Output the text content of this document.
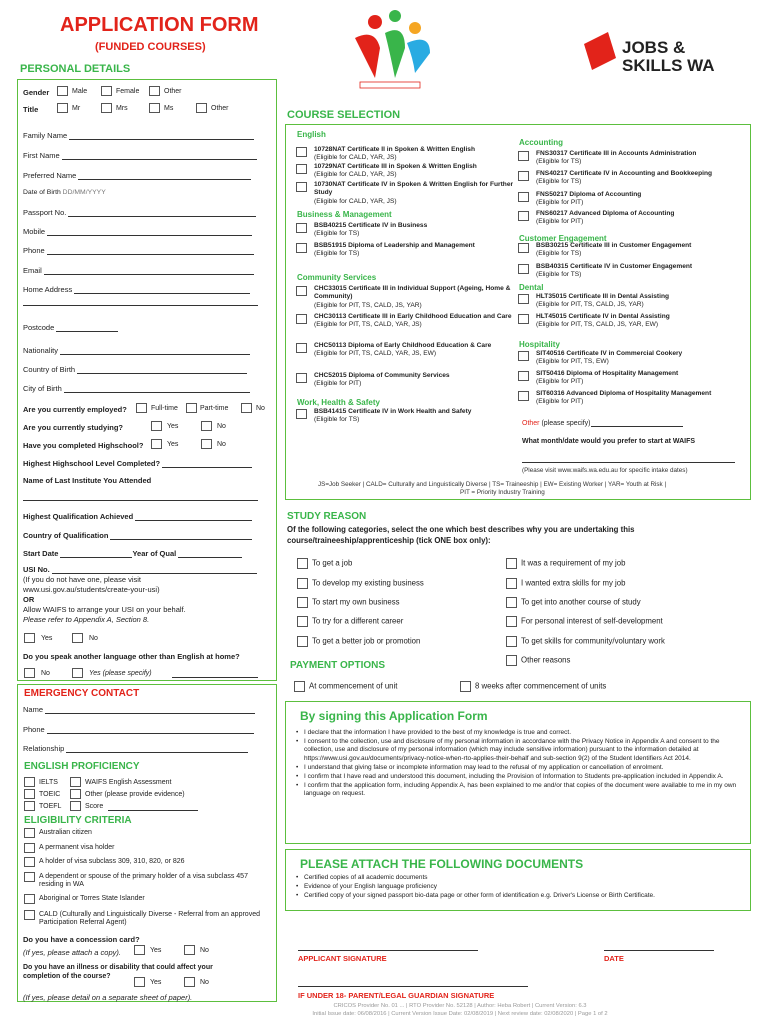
APPLICATION FORM
(FUNDED COURSES)	JOBS &
SKILLS WA
PERSONAL DETAILS
Gender	Male	Female	Other
Title	Mr	Mrs	Ms	Other
Family Name
First Name
Preferred Name
Date of Birth DD/MM/YYYY
Passport No.
Mobile
Phone
Email
Home Address
Postcode
Nationality
Country of Birth
City of Birth
Are you currently employed?	Full-time	Part-time	No
Are you currently studying?	Yes	No
Have you completed Highschool?	Yes	No
Highest Highschool Level Completed?
Name of Last Institute You Attended
Highest Qualification Achieved
Country of Qualification
Start Date	Year of Qual
USI No.
(If you do not have one, please visit
www.usi.gov.au/students/create-your-usi)
OR
Allow WAIFS to arrange your USI on your behalf.
Please refer to Appendix A, Section 8.
Yes	No
Do you speak another language other than English at home?
No	Yes (please specify)
EMERGENCY CONTACT
Name
Phone
Relationship
ENGLISH PROFICIENCY
IELTS
TOEIC
TOEFL
WAIFS English Assessment
Other (please provide evidence)
Score
ELIGIBILITY CRITERIA
Australian citizen
A permanent visa holder
A holder of visa subclass 309, 310, 820, or 826
A dependent or spouse of the primary holder of a visa subclass 457 residing in WA
Aboriginal or Torres State Islander
CALD (Culturally and Linguistically Diverse - Referral from an approved Participation Referral Agent)
Do you have a concession card?
(If yes, please attach a copy).	Yes	No
Do you have an illness or disability that could affect your completion of the course?
Yes	No
(If yes, please detail on a separate sheet of paper).
COURSE SELECTION
English
10728NAT Certificate II in Spoken & Written English
(Eligible for CALD, YAR, JS)
10729NAT Certificate III in Spoken & Written English
(Eligible for CALD, YAR, JS)
10730NAT Certificate IV in Spoken & Written English for Further Study
(Eligible for CALD, YAR, JS)
Business & Management
BSB40215 Certificate IV in Business
(Eligible for TS)
BSB51915 Diploma of Leadership and Management
(Eligible for TS)
Community Services
CHC33015 Certificate III in Individual Support (Ageing, Home & Community)
(Eligible for PIT, TS, CALD, JS, YAR)
CHC30113 Certificate III in Early Childhood Education and Care
(Eligible for PIT, TS, CALD, YAR, JS)
CHC50113 Diploma of Early Childhood Education & Care
(Eligible for PIT, TS, CALD, YAR, JS, EW)
CHC52015 Diploma of Community Services
(Eligible for PIT)
Work, Health & Safety
BSB41415 Certificate IV in Work Health and Safety
(Eligible for TS)
Accounting
FNS30317 Certificate III in Accounts Administration
(Eligible for TS)
FNS40217 Certificate IV in Accounting and Bookkeeping
(Eligible for TS)
FNS50217 Diploma of Accounting
(Eligible for PIT)
FNS60217 Advanced Diploma of Accounting
(Eligible for PIT)
Customer Engagement
BSB30215 Certificate III in Customer Engagement
(Eligible for TS)
BSB40315 Certificate IV in Customer Engagement
(Eligible for TS)
Dental
HLT35015 Certificate III in Dental Assisting
(Eligible for PIT, TS, CALD, JS, YAR)
HLT45015 Certificate IV in Dental Assisting
(Eligible for PIT, TS, CALD, JS, YAR, EW)
Hospitality
SIT40516 Certificate IV in Commercial Cookery
(Eligible for PIT, TS, EW)
SIT50416 Diploma of Hospitality Management
(Eligible for PIT)
SIT60316 Advanced Diploma of Hospitality Management
(Eligible for PIT)
Other (please specify)
What month/date would you prefer to start at WAIFS
(Please visit www.waifs.wa.edu.au for specific intake dates)
JS=Job Seeker | CALD= Culturally and Linguistically Diverse | TS= Traineeship | EW= Existing Worker | YAR= Youth at Risk |
PIT = Priority Industry Training
STUDY REASON
Of the following categories, select the one which best describes why you are undertaking this course/traineeship/apprenticeship (tick ONE box only):
To get a job
To develop my existing business
To start my own business
To try for a different career
To get a better job or promotion
It was a requirement of my job
I wanted extra skills for my job
To get into another course of study
For personal interest of self-development
To get skills for community/voluntary work
Other reasons
PAYMENT OPTIONS
At commencement of unit	8 weeks after commencement of units
By signing this Application Form
• I declare that the information I have provided to the best of my knowledge is true and correct.
• I consent to the collection, use and disclosure of my personal information in accordance with the Privacy Notice in Appendix A and consent to the collection, use and disclosure of my personal information (which may include sensitive information) pursuant to the information detailed at https://www.usi.gov.au/documents/privacy-notice-when-rto-applies-their-behalf and sub-section 9(2) of the Student Identifiers Act 2014.
• I understand that giving false or incomplete information may lead to the refusal of my application or cancellation of enrolment.
• I confirm that I have read and understood this document, including the Provision of Information to Students pre-application included in Appendix A.
• I confirm that the application form, including Appendix A, has been explained to me and/or that copies of the document were available to me in my own language on request.
PLEASE ATTACH THE FOLLOWING DOCUMENTS
• Certified copies of all academic documents
• Evidence of your English language proficiency
• Certified copy of your signed passport bio-data page or other form of identification e.g. Driver's License or Birth Certificate.
APPLICANT SIGNATURE	DATE
IF UNDER 18- PARENT/LEGAL GUARDIAN SIGNATURE
CRICOS Provider No. 01 ... | RTO Provider No. 52128 | Author: Heba Robert | Current Version: 6.3
Initial Issue date: 06/08/2016 | Current Version Issue Date: 02/08/2019 | Next review date: 02/08/2020 | Page 1 of 2
